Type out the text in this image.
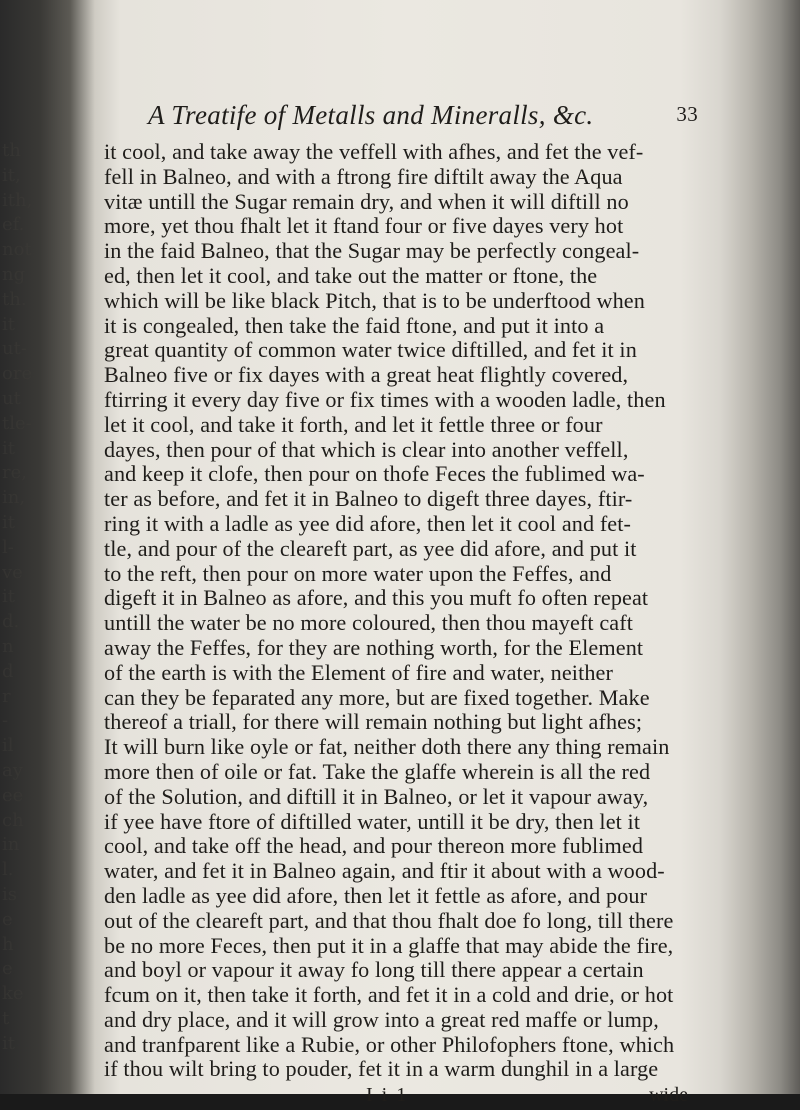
th
it,
ith,
ef.
not
ng
th.
it
ut-
ore
ut
tle-
it
re,
in,
it
l-
ve
it
d.
n
d
r
-
il
ay
ee
ch
in
l.
is
e
h
e
ke
t
it
A Treatife of Metalls and Mineralls, &c.	33
it cool, and take away the veffell with afhes, and fet the vef-
fell in Balneo, and with a ftrong fire diftilt away the Aqua
vitæ untill the Sugar remain dry, and when it will diftill no
more, yet thou fhalt let it ftand four or five dayes very hot
in the faid Balneo, that the Sugar may be perfectly congeal-
ed, then let it cool, and take out the matter or ftone, the
which will be like black Pitch, that is to be underftood when
it is congealed, then take the faid ftone, and put it into a
great quantity of common water twice diftilled, and fet it in
Balneo five or fix dayes with a great heat flightly covered,
ftirring it every day five or fix times with a wooden ladle, then
let it cool, and take it forth, and let it fettle three or four
dayes, then pour of that which is clear into another veffell,
and keep it clofe, then pour on thofe Feces the fublimed wa-
ter as before, and fet it in Balneo to digeft three dayes, ftir-
ring it with a ladle as yee did afore, then let it cool and fet-
tle, and pour of the cleareft part, as yee did afore, and put it
to the reft, then pour on more water upon the Feffes, and
digeft it in Balneo as afore, and this you muft fo often repeat
untill the water be no more coloured, then thou mayeft caft
away the Feffes, for they are nothing worth, for the Element
of the earth is with the Element of fire and water, neither
can they be feparated any more, but are fixed together. Make
thereof a triall, for there will remain nothing but light afhes;
It will burn like oyle or fat, neither doth there any thing remain
more then of oile or fat. Take the glaffe wherein is all the red
of the Solution, and diftill it in Balneo, or let it vapour away,
if yee have ftore of diftilled water, untill it be dry, then let it
cool, and take off the head, and pour thereon more fublimed
water, and fet it in Balneo again, and ftir it about with a wood-
den ladle as yee did afore, then let it fettle as afore, and pour
out of the cleareft part, and that thou fhalt doe fo long, till there
be no more Feces, then put it in a glaffe that may abide the fire,
and boyl or vapour it away fo long till there appear a certain
fcum on it, then take it forth, and fet it in a cold and drie, or hot
and dry place, and it will grow into a great red maffe or lump,
and tranfparent like a Rubie, or other Philofophers ftone, which
if thou wilt bring to pouder, fet it in a warm dunghil in a large
I i 1	wide
